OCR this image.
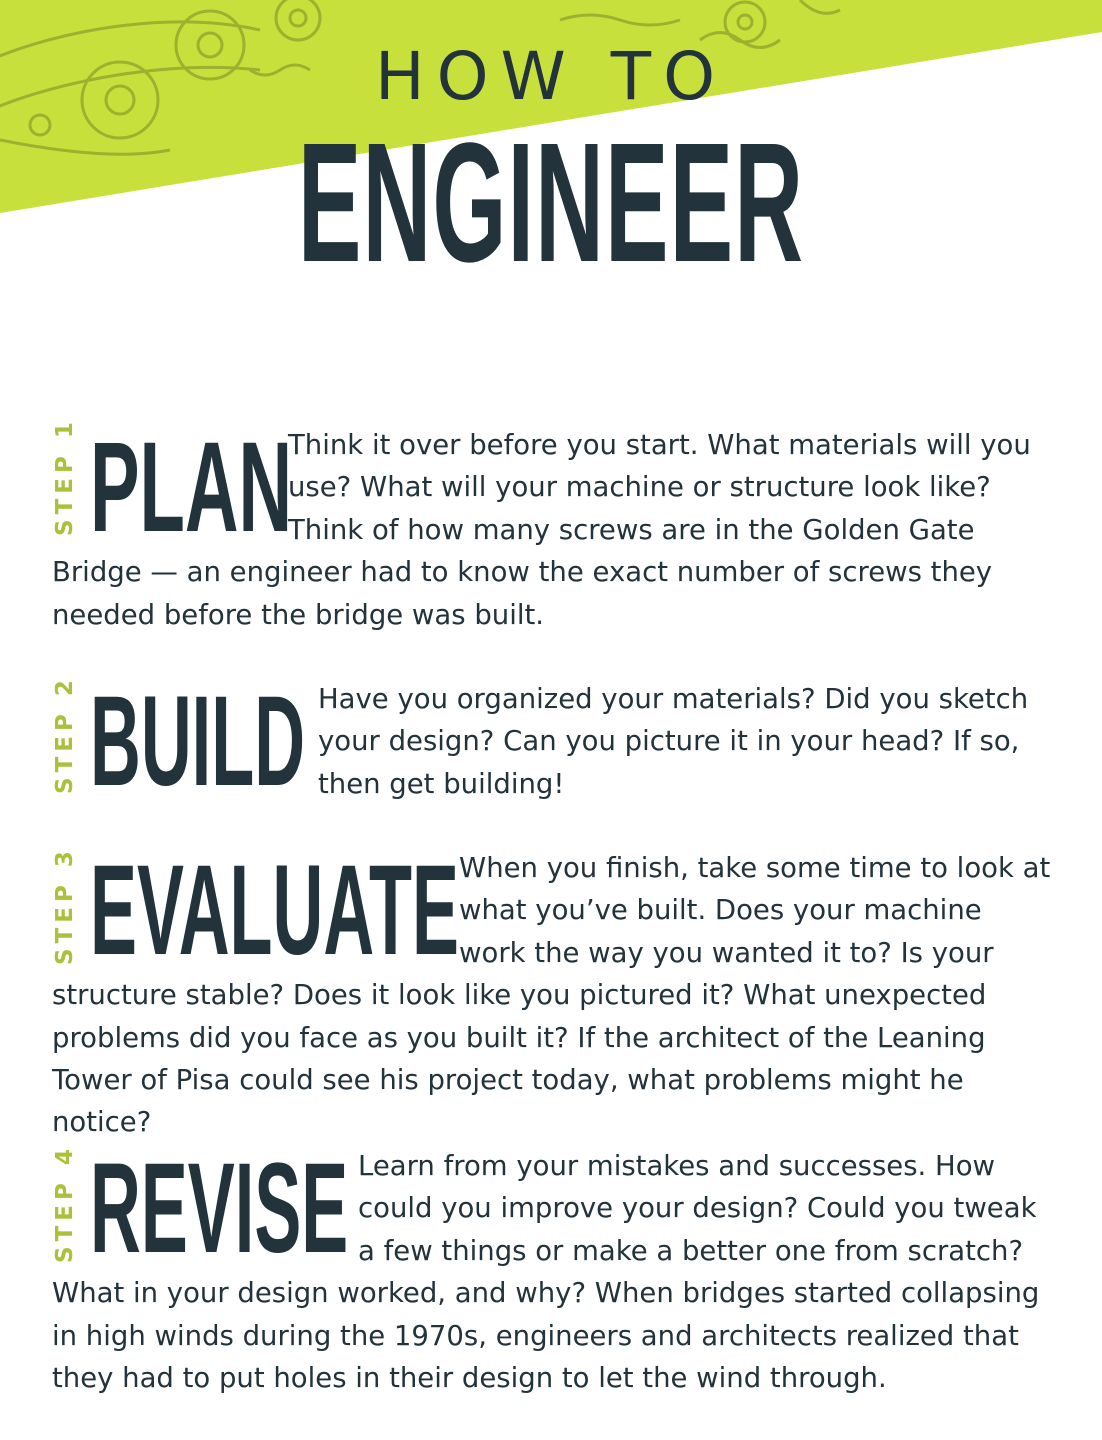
HOW TO
ENGINEER
STEP 1 PLAN

Think it over before you start. What materials will you use? What will your machine or structure look like? Think of how many screws are in the Golden Gate Bridge — an engineer had to know the exact number of screws they needed before the bridge was built.

STEP 2 BUILD Have you organized your materials? Did you sketch your design? Can you picture it in your head? If so, then get building!

STEP 3 EVALUATE When you finish, take some time to look at what you’ve built. Does your machine work the way you wanted it to? Is your structure stable? Does it look like you pictured it? What unexpected problems did you face as you built it? If the architect of the Leaning Tower of Pisa could see his project today, what problems might he notice?

STEP 4 REVISE Learn from your mistakes and successes. How could you improve your design? Could you tweak a few things or make a better one from scratch? What in your design worked, and why? When bridges started collapsing in high winds during the 1970s, engineers and architects realized that they had to put holes in their design to let the wind through.
